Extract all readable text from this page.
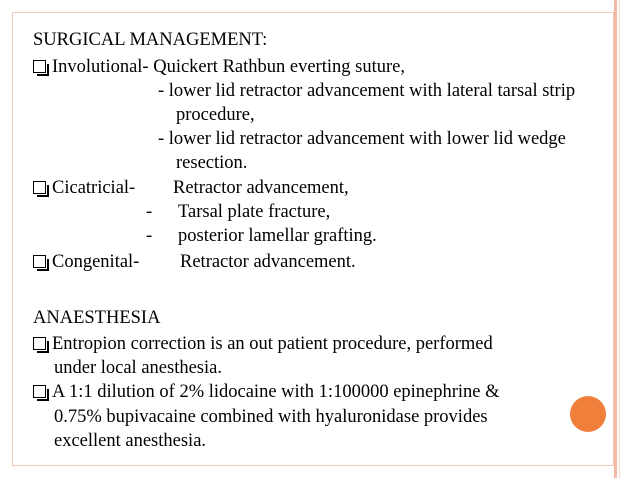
SURGICAL MANAGEMENT:
Involutional- Quickert Rathbun everting suture,
- lower lid retractor advancement with lateral tarsal strip
procedure,
- lower lid retractor advancement with lower lid wedge
resection.
Cicatricial- Retractor advancement,
- Tarsal plate fracture,
- posterior lamellar grafting.
Congenital- Retractor advancement.
ANAESTHESIA
Entropion correction is an out patient procedure, performed
under local anesthesia.
A 1:1 dilution of 2% lidocaine with 1:100000 epinephrine &
0.75% bupivacaine combined with hyaluronidase provides
excellent anesthesia.
